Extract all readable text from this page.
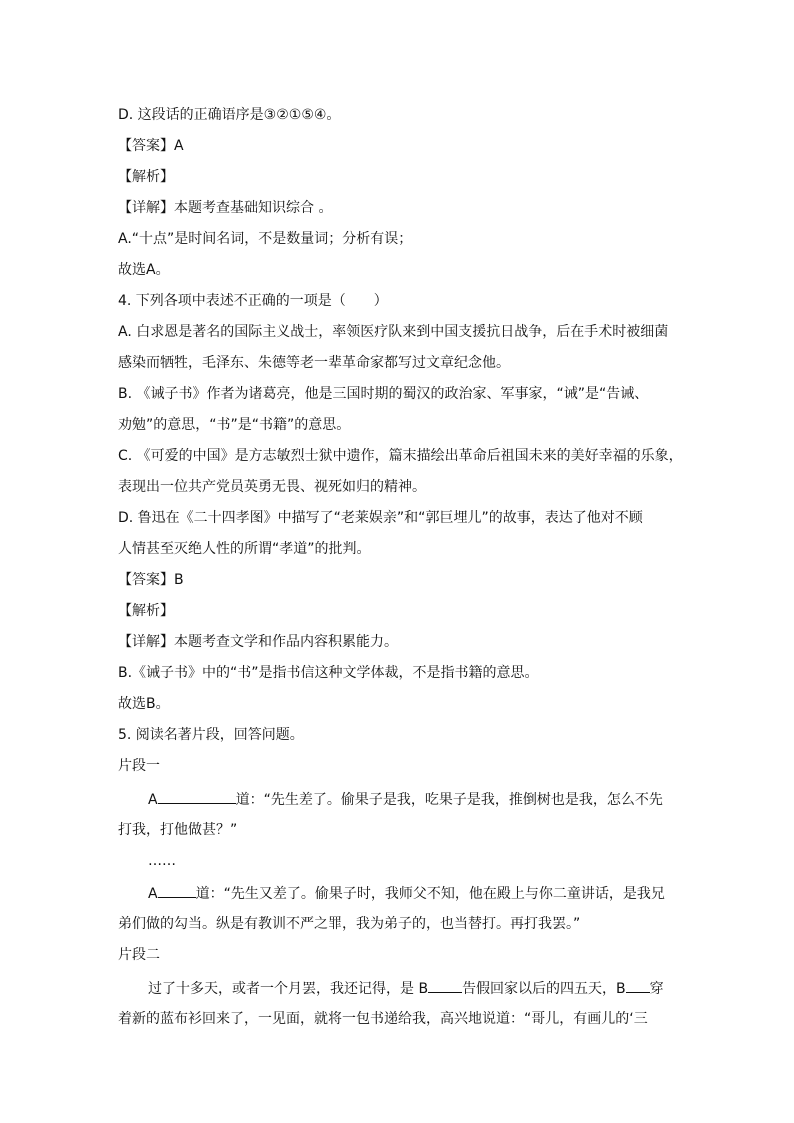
D. 这段话的正确语序是③②①⑤④。
【答案】A
【解析】
【详解】本题考查基础知识综合 。
A.“十点”是时间名词，不是数量词；分析有误；
故选A。
4. 下列各项中表述不正确的一项是（　　）
A. 白求恩是著名的国际主义战士，率领医疗队来到中国支援抗日战争，后在手术时被细菌
感染而牺牲，毛泽东、朱德等老一辈革命家都写过文章纪念他。
B. 《诫子书》作者为诸葛亮，他是三国时期的蜀汉的政治家、军事家，“诫”是“告诫、
劝勉”的意思，“书”是“书籍”的意思。
C. 《可爱的中国》是方志敏烈士狱中遗作，篇末描绘出革命后祖国未来的美好幸福的乐象，
表现出一位共产党员英勇无畏、视死如归的精神。
D. 鲁迅在《二十四孝图》中描写了“老莱娱亲”和“郭巨埋儿”的故事，表达了他对不顾
人情甚至灭绝人性的所谓“孝道”的批判。
【答案】B
【解析】
【详解】本题考查文学和作品内容积累能力。
B.《诫子书》中的“书”是指书信这种文学体裁，不是指书籍的意思。
故选B。
5. 阅读名著片段，回答问题。
片段一
A	道：“先生差了。偷果子是我，吃果子是我，推倒树也是我，怎么不先
打我，打他做甚？”
……
A	道：“先生又差了。偷果子时，我师父不知，他在殿上与你二童讲话，是我兄
弟们做的勾当。纵是有教训不严之罪，我为弟子的，也当替打。再打我罢。”
片段二
过了十多天，或者一个月罢，我还记得，是 B 告假回家以后的四五天，B 穿
着新的蓝布衫回来了，一见面，就将一包书递给我，高兴地说道：“哥儿，有画儿的‘三
